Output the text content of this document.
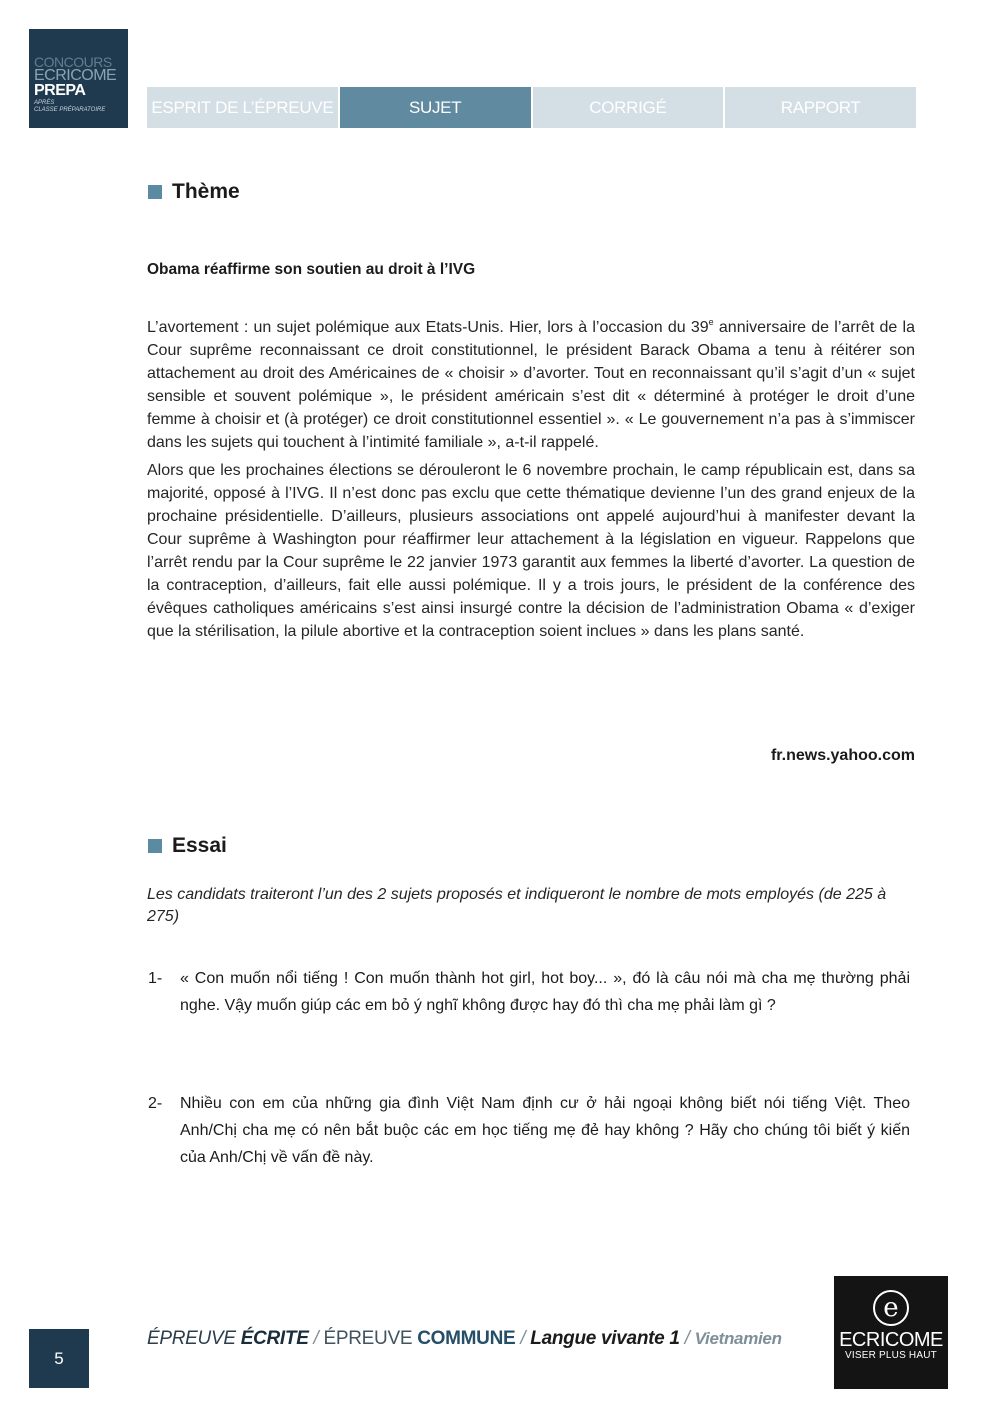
CONCOURS
ECRICOME
PREPA
APRÈS
CLASSE PRÉPARATOIRE	ESPRIT DE L’ÉPREUVE	SUJET	CORRIGÉ	RAPPORT
Thème
Obama réaffirme son soutien au droit à l’IVG

L’avortement : un sujet polémique aux Etats-Unis. Hier, lors à l’occasion du 39e anniversaire de l’arrêt de la Cour suprême reconnaissant ce droit constitutionnel, le président Barack Obama a tenu à réitérer son attachement au droit des Américaines de « choisir » d’avorter. Tout en reconnaissant qu’il s’agit d’un « sujet sensible et souvent polémique », le président américain s’est dit « déterminé à protéger le droit d’une femme à choisir et (à protéger) ce droit constitutionnel essentiel ». « Le gouvernement n’a pas à s’immiscer dans les sujets qui touchent à l’intimité familiale », a-t-il rappelé.

Alors que les prochaines élections se dérouleront le 6 novembre prochain, le camp républicain est, dans sa majorité, opposé à l’IVG. Il n’est donc pas exclu que cette thématique devienne l’un des grand enjeux de la prochaine présidentielle. D’ailleurs, plusieurs associations ont appelé aujourd’hui à manifester devant la Cour suprême à Washington pour réaffirmer leur attachement à la législation en vigueur. Rappelons que l’arrêt rendu par la Cour suprême le 22 janvier 1973 garantit aux femmes la liberté d’avorter. La question de la contraception, d’ailleurs, fait elle aussi polémique. Il y a trois jours, le président de la conférence des évêques catholiques américains s’est ainsi insurgé contre la décision de l’administration Obama « d’exiger que la stérilisation, la pilule abortive et la contraception soient inclues » dans les plans santé.

fr.news.yahoo.com
Essai
Les candidats traiteront l’un des 2 sujets proposés et indiqueront le nombre de mots employés (de 225 à 275)
1-	« Con muốn nổi tiếng ! Con muốn thành hot girl, hot boy... », đó là câu nói mà cha mẹ thường phải nghe. Vậy muốn giúp các em bỏ ý nghĩ không được hay đó thì cha mẹ phải làm gì ?
2-	Nhiều con em của những gia đình Việt Nam định cư ở hải ngoại không biết nói tiếng Việt. Theo Anh/Chị cha mẹ có nên bắt buộc các em học tiếng mẹ đẻ hay không ? Hãy cho chúng tôi biết ý kiến của Anh/Chị về vấn đề này.
5
ÉPREUVE ÉCRITE / ÉPREUVE COMMUNE / Langue vivante 1 / Vietnamien
e
ECRICOME
VISER PLUS HAUT
